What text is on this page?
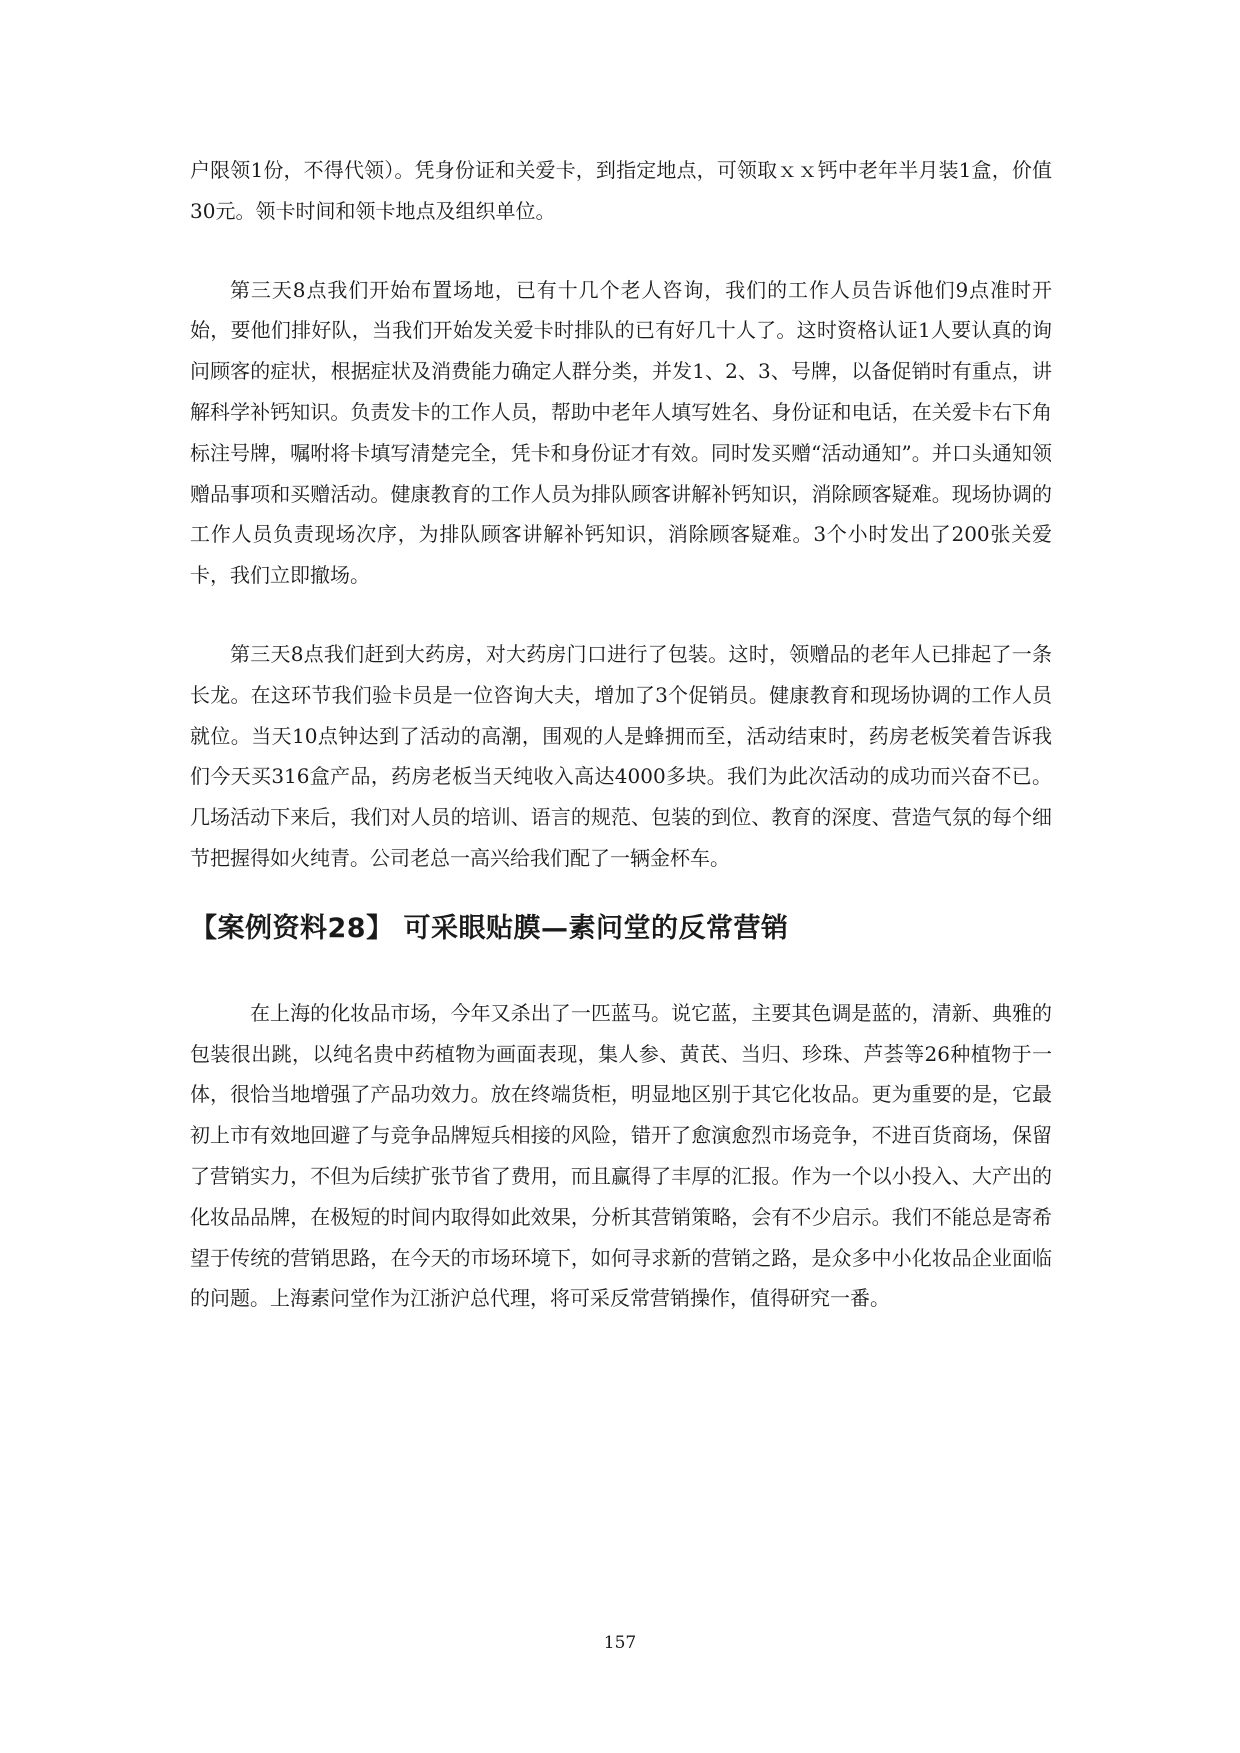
户限领1份，不得代领）。凭身份证和关爱卡，到指定地点，可领取ｘｘ钙中老年半月装1盒，价值30元。领卡时间和领卡地点及组织单位。

第三天8点我们开始布置场地，已有十几个老人咨询，我们的工作人员告诉他们9点准时开始，要他们排好队，当我们开始发关爱卡时排队的已有好几十人了。这时资格认证1人要认真的询问顾客的症状，根据症状及消费能力确定人群分类，并发1、2、3、号牌，以备促销时有重点，讲解科学补钙知识。负责发卡的工作人员，帮助中老年人填写姓名、身份证和电话，在关爱卡右下角标注号牌，嘱咐将卡填写清楚完全，凭卡和身份证才有效。同时发买赠“活动通知”。并口头通知领赠品事项和买赠活动。健康教育的工作人员为排队顾客讲解补钙知识，消除顾客疑难。现场协调的工作人员负责现场次序，为排队顾客讲解补钙知识，消除顾客疑难。3个小时发出了200张关爱卡，我们立即撤场。

第三天8点我们赶到大药房，对大药房门口进行了包装。这时，领赠品的老年人已排起了一条长龙。在这环节我们验卡员是一位咨询大夫，增加了3个促销员。健康教育和现场协调的工作人员就位。当天10点钟达到了活动的高潮，围观的人是蜂拥而至，活动结束时，药房老板笑着告诉我们今天买316盒产品，药房老板当天纯收入高达4000多块。我们为此次活动的成功而兴奋不已。几场活动下来后，我们对人员的培训、语言的规范、包装的到位、教育的深度、营造气氛的每个细节把握得如火纯青。公司老总一高兴给我们配了一辆金杯车。

【案例资料28】 可采眼贴膜—素问堂的反常营销

在上海的化妆品市场，今年又杀出了一匹蓝马。说它蓝，主要其色调是蓝的，清新、典雅的包装很出跳，以纯名贵中药植物为画面表现，集人参、黄芪、当归、珍珠、芦荟等26种植物于一体，很恰当地增强了产品功效力。放在终端货柜，明显地区别于其它化妆品。更为重要的是，它最初上市有效地回避了与竞争品牌短兵相接的风险，错开了愈演愈烈市场竞争，不进百货商场，保留了营销实力，不但为后续扩张节省了费用，而且赢得了丰厚的汇报。作为一个以小投入、大产出的化妆品品牌，在极短的时间内取得如此效果，分析其营销策略，会有不少启示。我们不能总是寄希望于传统的营销思路，在今天的市场环境下，如何寻求新的营销之路，是众多中小化妆品企业面临的问题。上海素问堂作为江浙沪总代理，将可采反常营销操作，值得研究一番。

157
